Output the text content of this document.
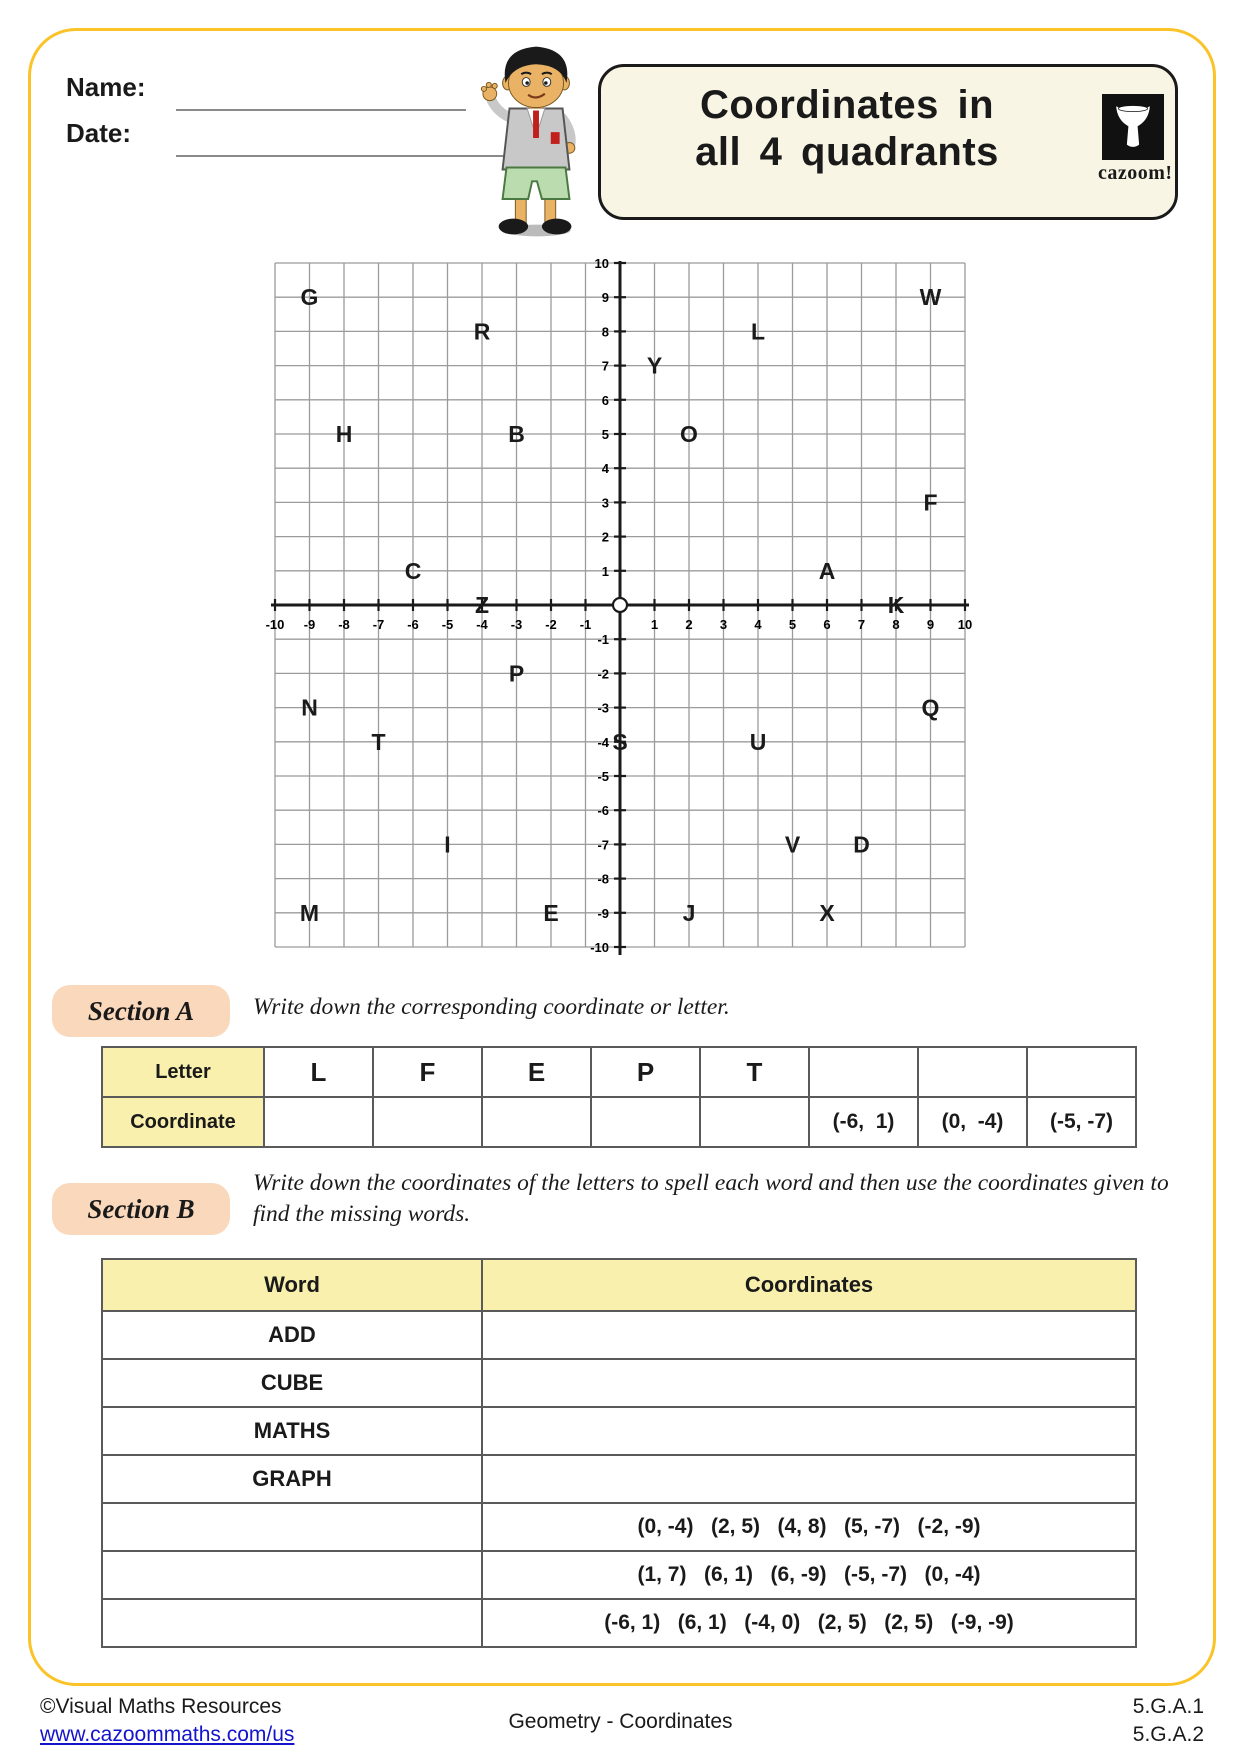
Name:
Date:
Coordinates in
all 4 quadrants	cazoom!
-10 -9 -8 -7 -6 -5 -4 -3 -2 -1	1 2 3 4 5 6 7 8 9 10
-10
-9
-8
-7
-6
-5
-4
-3
-2
-1
1
2
3
4
5
6
7
8
9
10
A
B
C
D
E
F
G
H
I
J
K
L
M
N
O
P
Q
R
S
T	U
V
W
X
Y
Z
Section A	Write down the corresponding coordinate or letter.
Letter	L	F	E	P	T			
Coordinate						(-6,  1)	(0,  -4)	(-5, -7)
Section B
Write down the coordinates of the letters to spell each word and then use the coordinates given to find the missing words.
Word	Coordinates
ADD	
CUBE	
MATHS	
GRAPH	
	(0, -4)   (2, 5)   (4, 8)   (5, -7)   (-2, -9)
	(1, 7)   (6, 1)   (6, -9)   (-5, -7)   (0, -4)
	(-6, 1)   (6, 1)   (-4, 0)   (2, 5)   (2, 5)   (-9, -9)
©Visual Maths Resources
www.cazoommaths.com/us
Geometry - Coordinates
5.G.A.1
5.G.A.2
